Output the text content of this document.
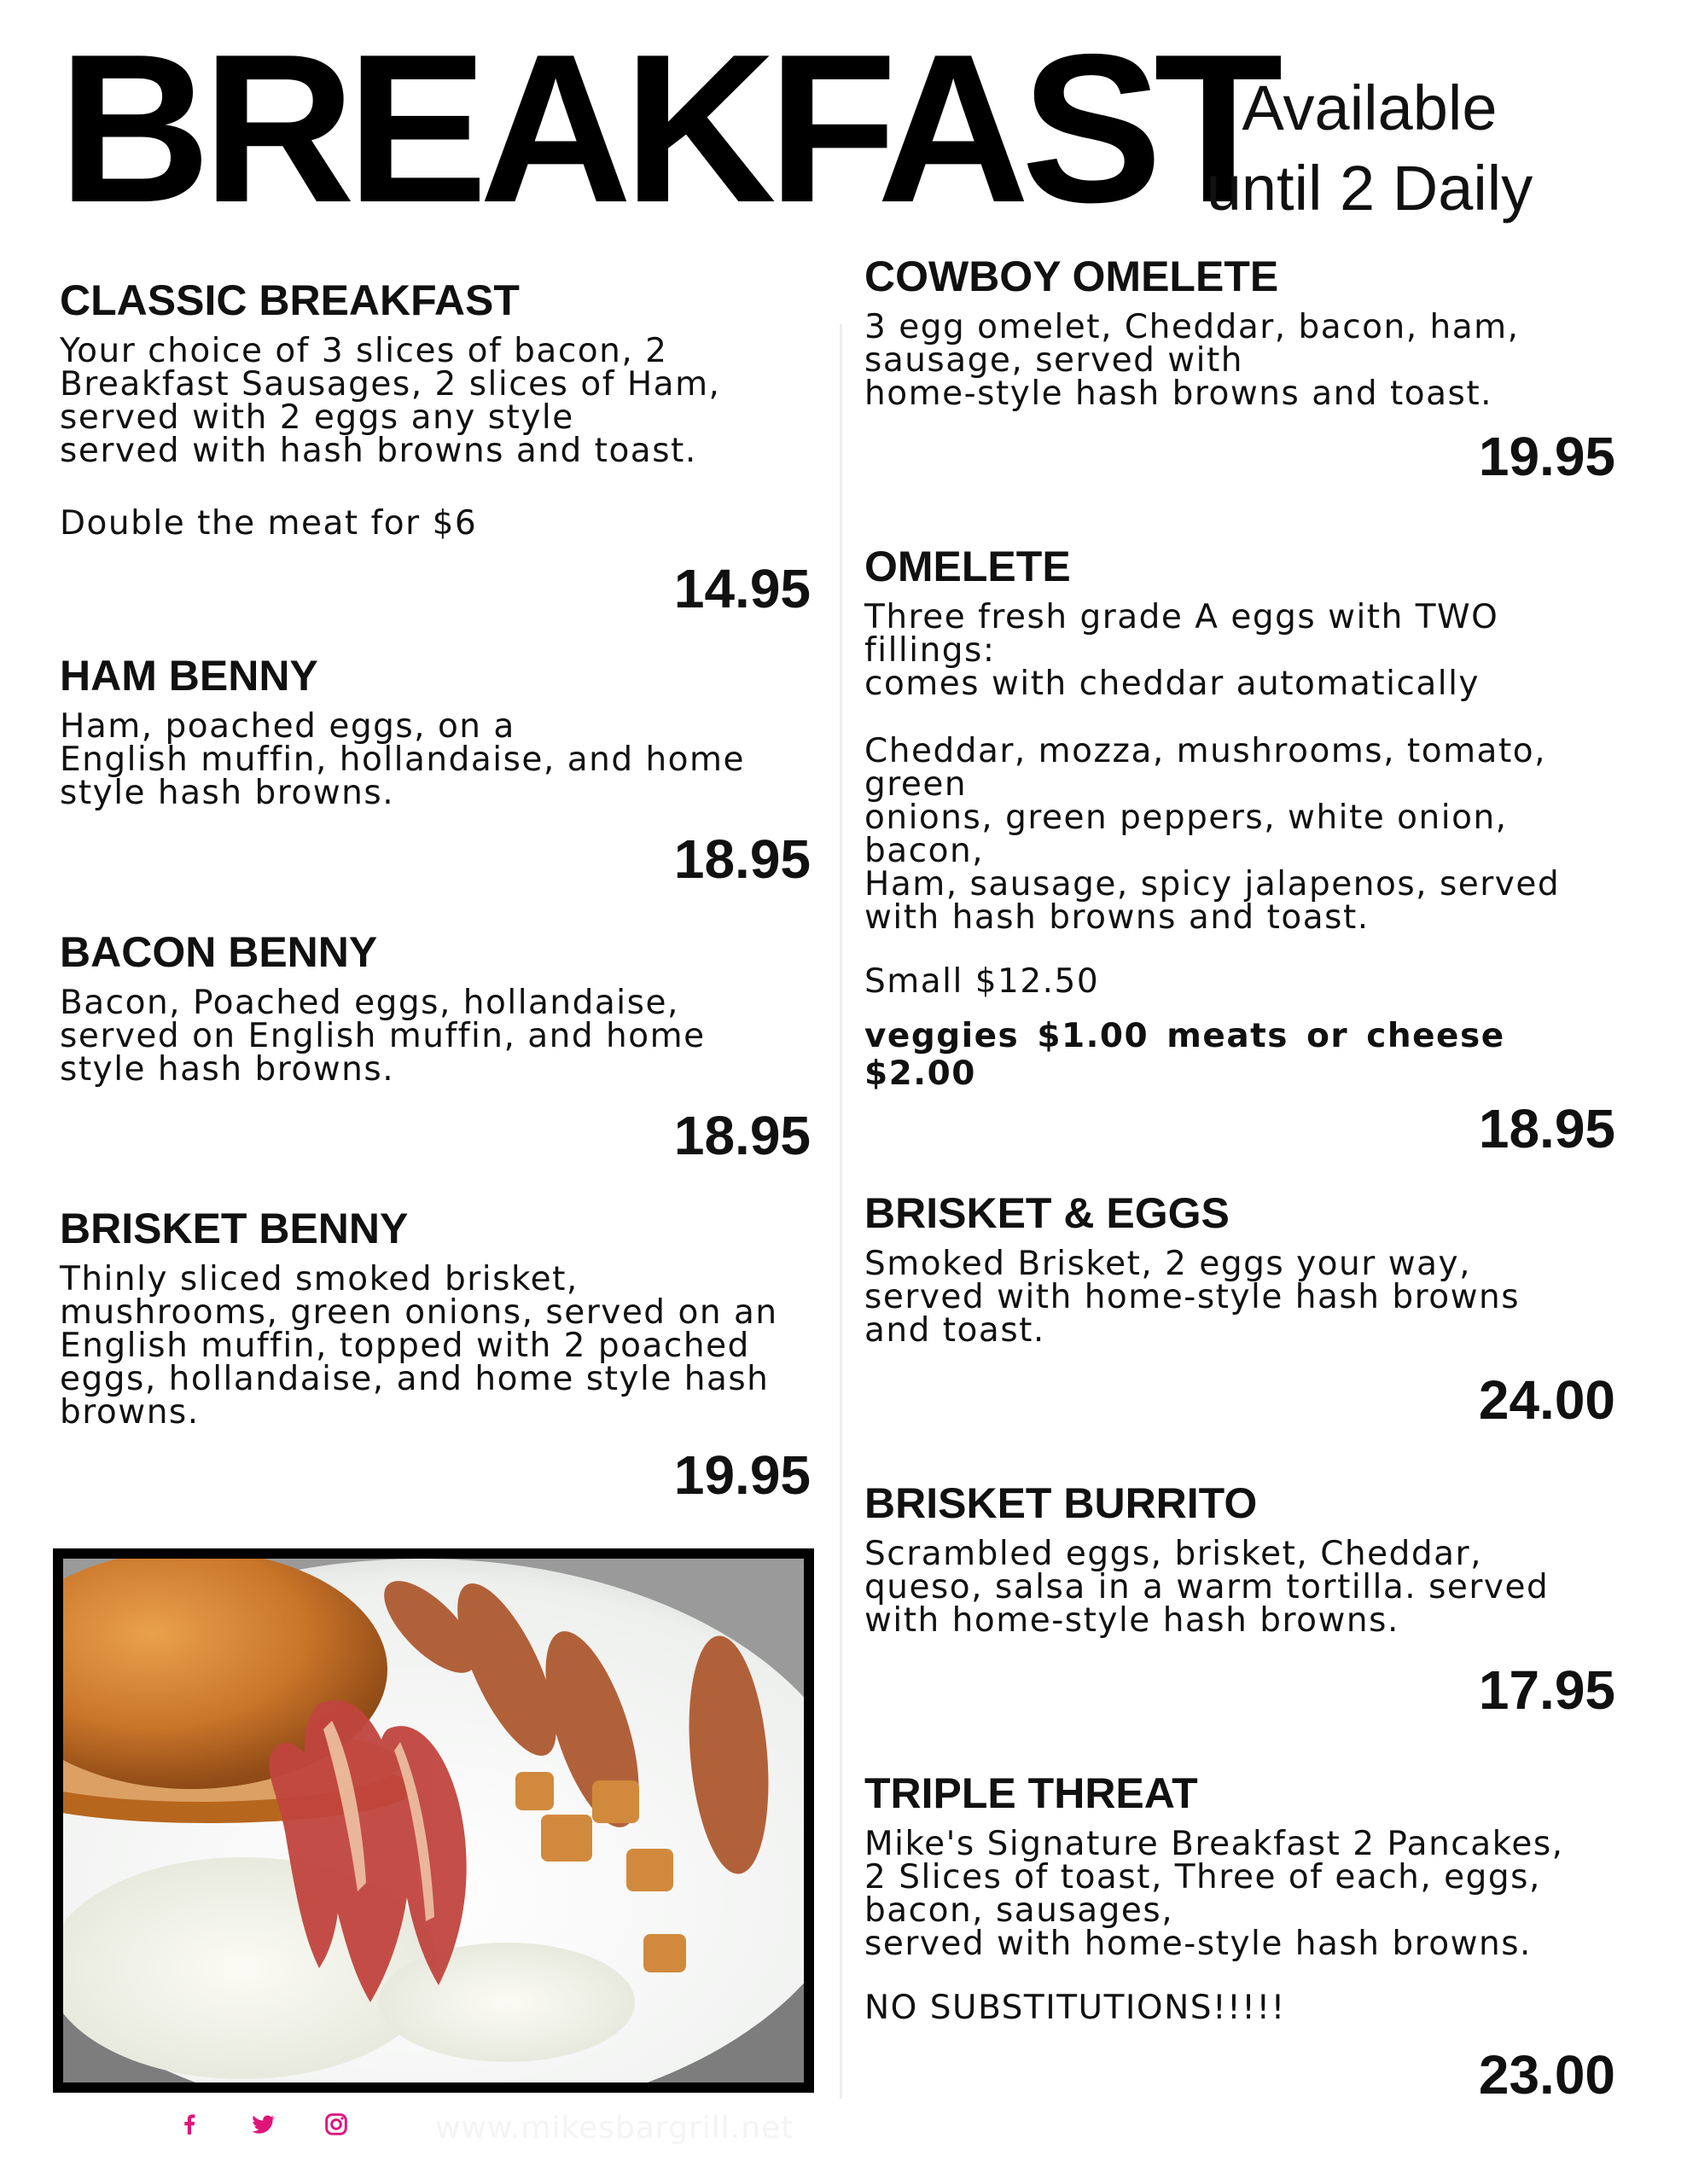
BREAKFAST
Available
until 2 Daily
CLASSIC BREAKFAST

Your choice of 3 slices of bacon, 2
Breakfast Sausages, 2 slices of Ham,
served with 2 eggs any style
served with hash browns and toast.

Double the meat for $6

14.95

HAM BENNY

Ham, poached eggs, on a
English muffin, hollandaise, and home
style hash browns.

18.95

BACON BENNY

Bacon, Poached eggs, hollandaise,
served on English muffin, and home
style hash browns.

18.95

BRISKET BENNY

Thinly sliced smoked brisket,
mushrooms, green onions, served on an
English muffin, topped with 2 poached
eggs, hollandaise, and home style hash
browns.

19.95

www.mikesbargrill.net
COWBOY OMELETE

3 egg omelet, Cheddar, bacon, ham,
sausage, served with
home-style hash browns and toast.

19.95

OMELETE

Three fresh grade A eggs with TWO
fillings:
comes with cheddar automatically

Cheddar, mozza, mushrooms, tomato,
green
onions, green peppers, white onion,
bacon,
Ham, sausage, spicy jalapenos, served
with hash browns and toast.

Small $12.50

veggies $1.00 meats or cheese $2.00

18.95

BRISKET & EGGS

Smoked Brisket, 2 eggs your way,
served with home-style hash browns
and toast.

24.00

BRISKET BURRITO

Scrambled eggs, brisket, Cheddar,
queso, salsa in a warm tortilla. served
with home-style hash browns.

17.95

TRIPLE THREAT

Mike's Signature Breakfast 2 Pancakes,
2 Slices of toast, Three of each, eggs,
bacon, sausages,
served with home-style hash browns.

NO SUBSTITUTIONS!!!!!

23.00
